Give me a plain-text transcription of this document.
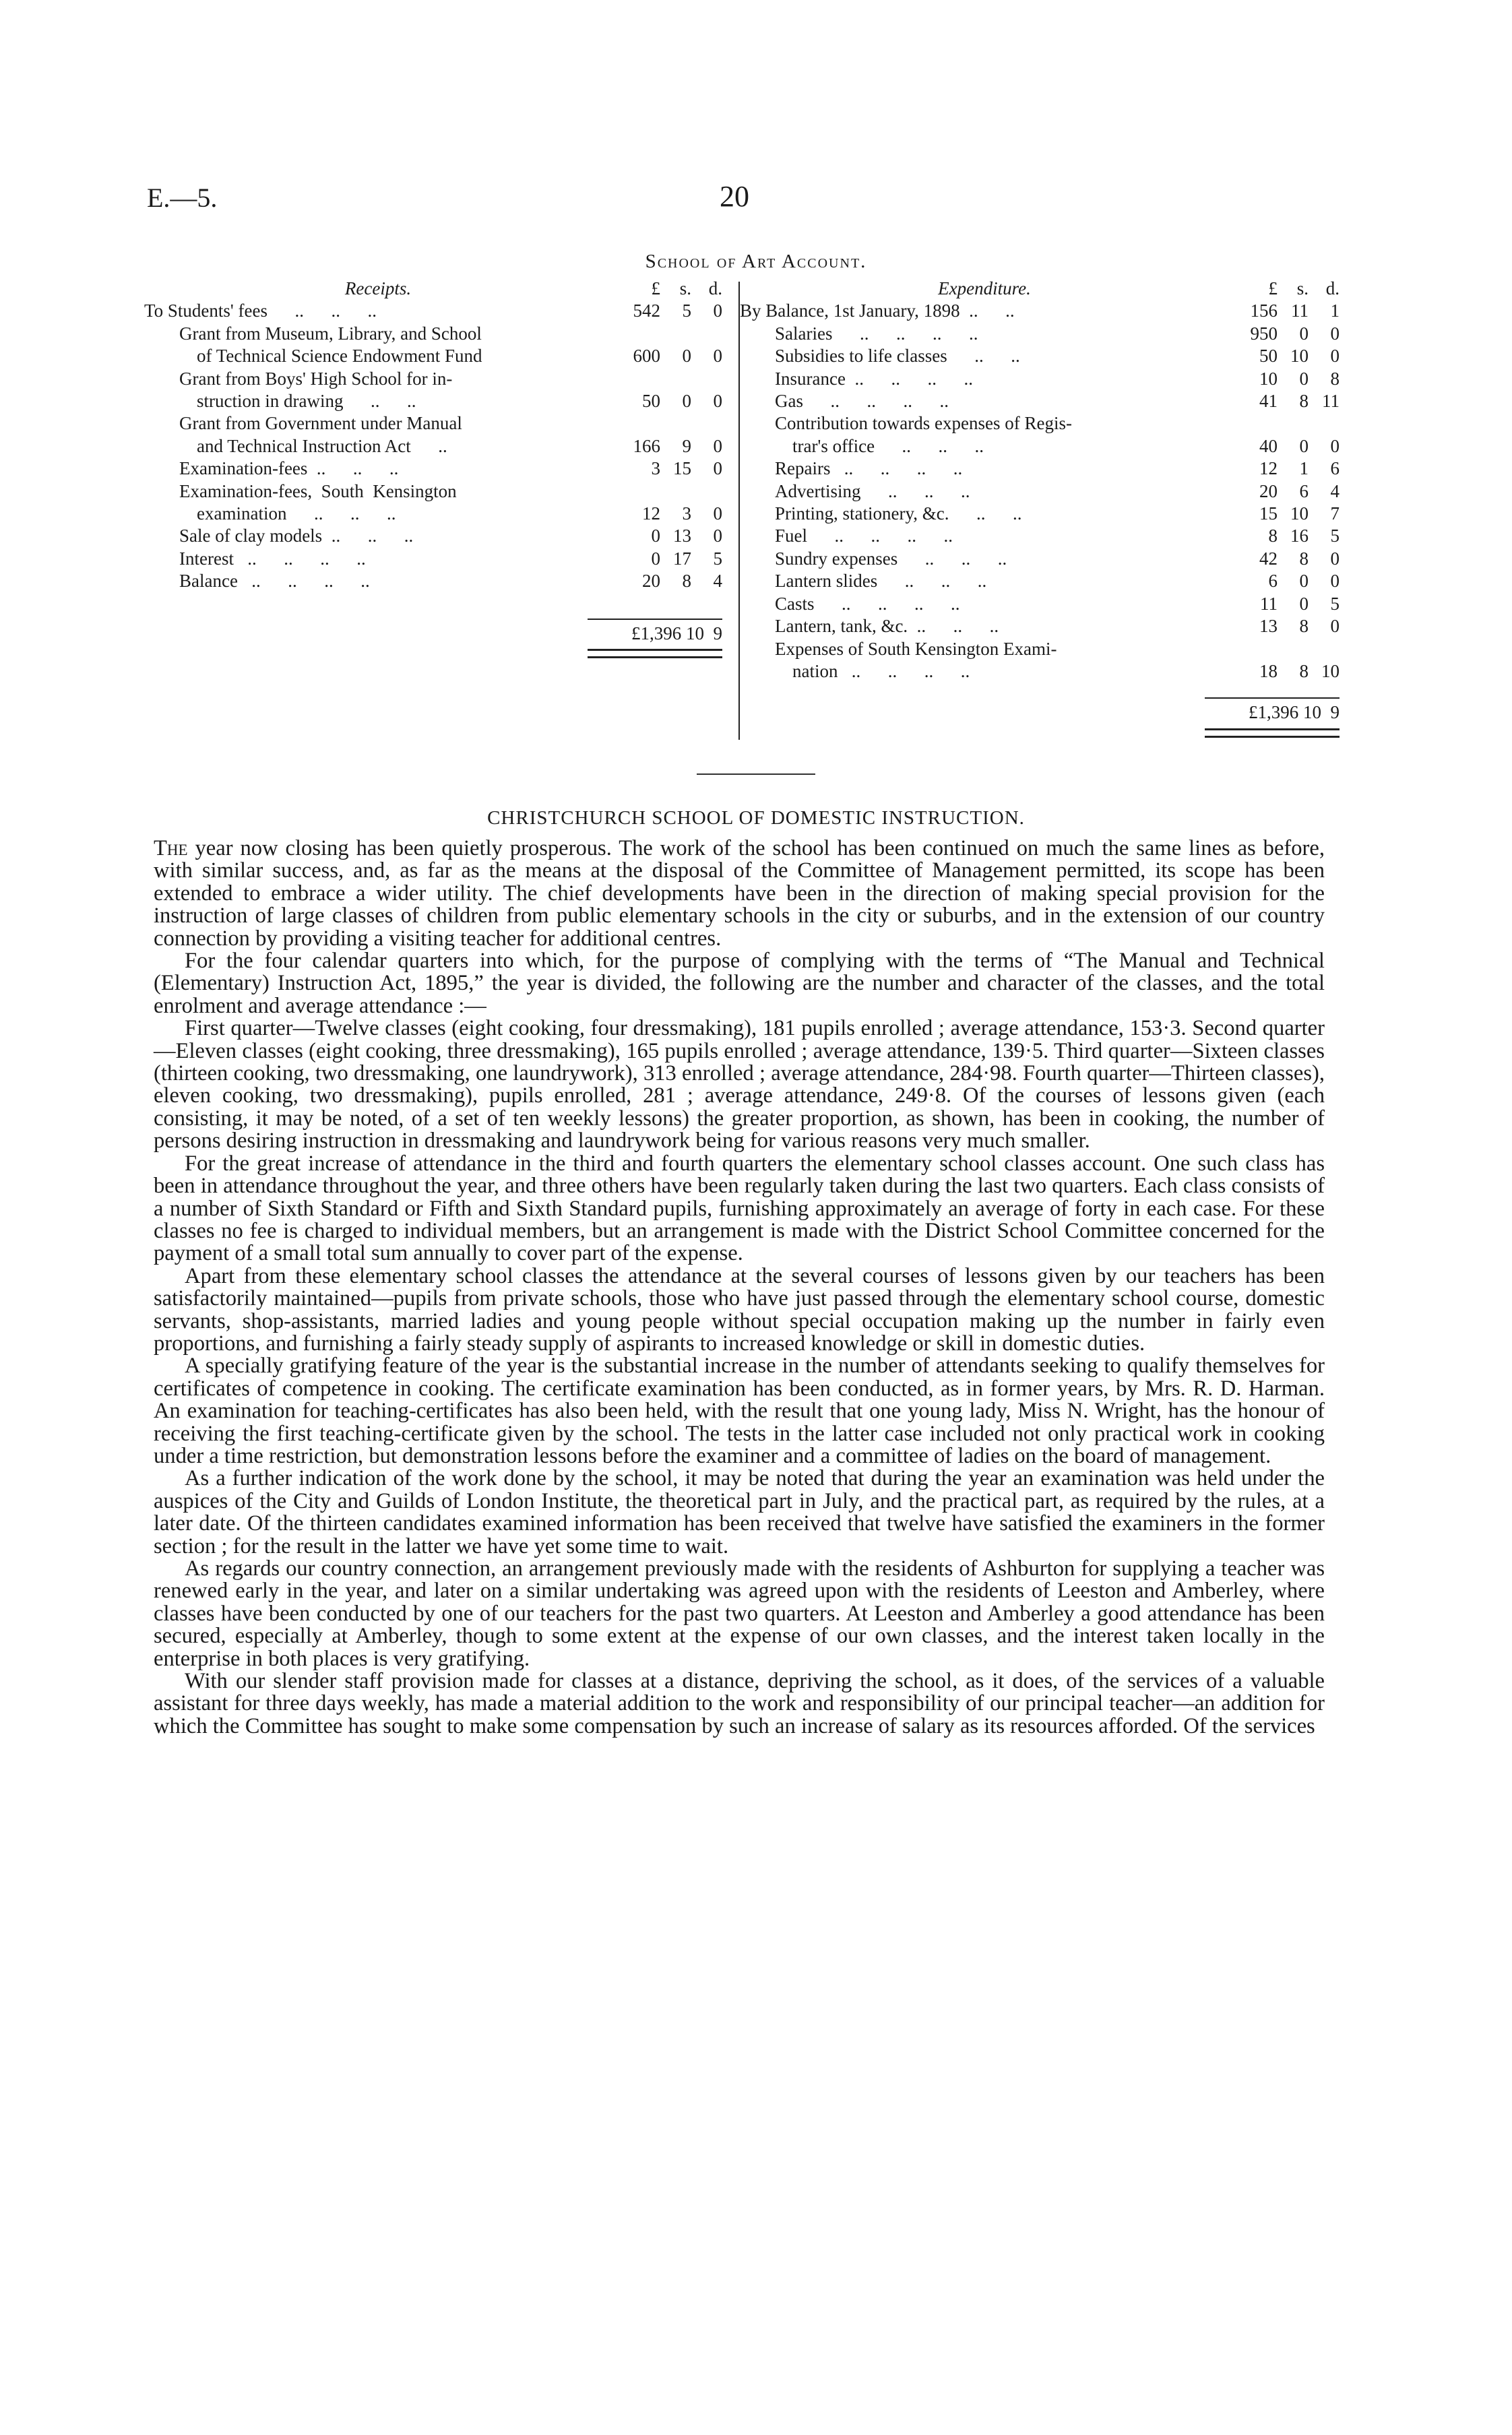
E.—5.	20
School of Art Account.
Receipts.	£	s. d.
To Students' fees      ..      ..      ..	542	5	0
Grant from Museum, Library, and School
of Technical Science Endowment Fund	600	0	0
Grant from Boys' High School for in-
struction in drawing      ..      ..	50	0	0
Grant from Government under Manual
and Technical Instruction Act      ..	166	9	0
Examination-fees  ..      ..      ..	3 15	0
Examination-fees,  South  Kensington
examination      ..      ..      ..	12	3	0
Sale of clay models  ..      ..      ..	0 13	0
Interest   ..      ..      ..      ..	0 17	5
Balance   ..      ..      ..      ..	20	8	4
£1,396 10  9
Expenditure.	£	s. d.
By Balance, 1st January, 1898  ..      ..	156 11	1
Salaries      ..      ..      ..      ..	950	0	0
Subsidies to life classes      ..      ..	50 10	0
Insurance  ..      ..      ..      ..	10	0	8
Gas      ..      ..      ..      ..	41	8 11
Contribution towards expenses of Regis-
trar's office      ..      ..      ..	40	0	0
Repairs   ..      ..      ..      ..	12	1	6
Advertising      ..      ..      ..	20	6	4
Printing, stationery, &c.      ..      ..	15 10	7
Fuel      ..      ..      ..      ..	8 16	5
Sundry expenses      ..      ..      ..	42	8	0
Lantern slides      ..      ..      ..	6	0	0
Casts      ..      ..      ..      ..	11	0	5
Lantern, tank, &c.  ..      ..      ..	13	8	0
Expenses of South Kensington Exami-
nation   ..      ..      ..      ..	18	8 10
£1,396 10  9
CHRISTCHURCH SCHOOL OF DOMESTIC INSTRUCTION.

The year now closing has been quietly prosperous. The work of the school has been continued on much the same lines as before, with similar success, and, as far as the means at the disposal of the Committee of Management permitted, its scope has been extended to embrace a wider utility. The chief developments have been in the direction of making special provision for the instruction of large classes of children from public elementary schools in the city or suburbs, and in the extension of our country connection by providing a visiting teacher for additional centres.

For the four calendar quarters into which, for the purpose of complying with the terms of “The Manual and Technical (Elementary) Instruction Act, 1895,” the year is divided, the following are the number and character of the classes, and the total enrolment and average attendance :—

First quarter—Twelve classes (eight cooking, four dressmaking), 181 pupils enrolled ; average attendance, 153·3. Second quarter—Eleven classes (eight cooking, three dressmaking), 165 pupils enrolled ; average attendance, 139·5. Third quarter—Sixteen classes (thirteen cooking, two dressmaking, one laundrywork), 313 enrolled ; average attendance, 284·98. Fourth quarter—Thirteen classes), eleven cooking, two dressmaking), pupils enrolled, 281 ; average attendance, 249·8. Of the courses of lessons given (each consisting, it may be noted, of a set of ten weekly lessons) the greater proportion, as shown, has been in cooking, the number of persons desiring instruction in dressmaking and laundrywork being for various reasons very much smaller.

For the great increase of attendance in the third and fourth quarters the elementary school classes account. One such class has been in attendance throughout the year, and three others have been regularly taken during the last two quarters. Each class consists of a number of Sixth Standard or Fifth and Sixth Standard pupils, furnishing approximately an average of forty in each case. For these classes no fee is charged to individual members, but an arrangement is made with the District School Committee concerned for the payment of a small total sum annually to cover part of the expense.

Apart from these elementary school classes the attendance at the several courses of lessons given by our teachers has been satisfactorily maintained—pupils from private schools, those who have just passed through the elementary school course, domestic servants, shop-assistants, married ladies and young people without special occupation making up the number in fairly even proportions, and furnishing a fairly steady supply of aspirants to increased knowledge or skill in domestic duties.

A specially gratifying feature of the year is the substantial increase in the number of attendants seeking to qualify themselves for certificates of competence in cooking. The certificate examination has been conducted, as in former years, by Mrs. R. D. Harman. An examination for teaching-certificates has also been held, with the result that one young lady, Miss N. Wright, has the honour of receiving the first teaching-certificate given by the school. The tests in the latter case included not only practical work in cooking under a time restriction, but demonstration lessons before the examiner and a committee of ladies on the board of management.

As a further indication of the work done by the school, it may be noted that during the year an examination was held under the auspices of the City and Guilds of London Institute, the theoretical part in July, and the practical part, as required by the rules, at a later date. Of the thirteen candidates examined information has been received that twelve have satisfied the examiners in the former section ; for the result in the latter we have yet some time to wait.

As regards our country connection, an arrangement previously made with the residents of Ashburton for supplying a teacher was renewed early in the year, and later on a similar undertaking was agreed upon with the residents of Leeston and Amberley, where classes have been conducted by one of our teachers for the past two quarters. At Leeston and Amberley a good attendance has been secured, especially at Amberley, though to some extent at the expense of our own classes, and the interest taken locally in the enterprise in both places is very gratifying.

With our slender staff provision made for classes at a distance, depriving the school, as it does, of the services of a valuable assistant for three days weekly, has made a material addition to the work and responsibility of our principal teacher—an addition for which the Committee has sought to make some compensation by such an increase of salary as its resources afforded. Of the services
